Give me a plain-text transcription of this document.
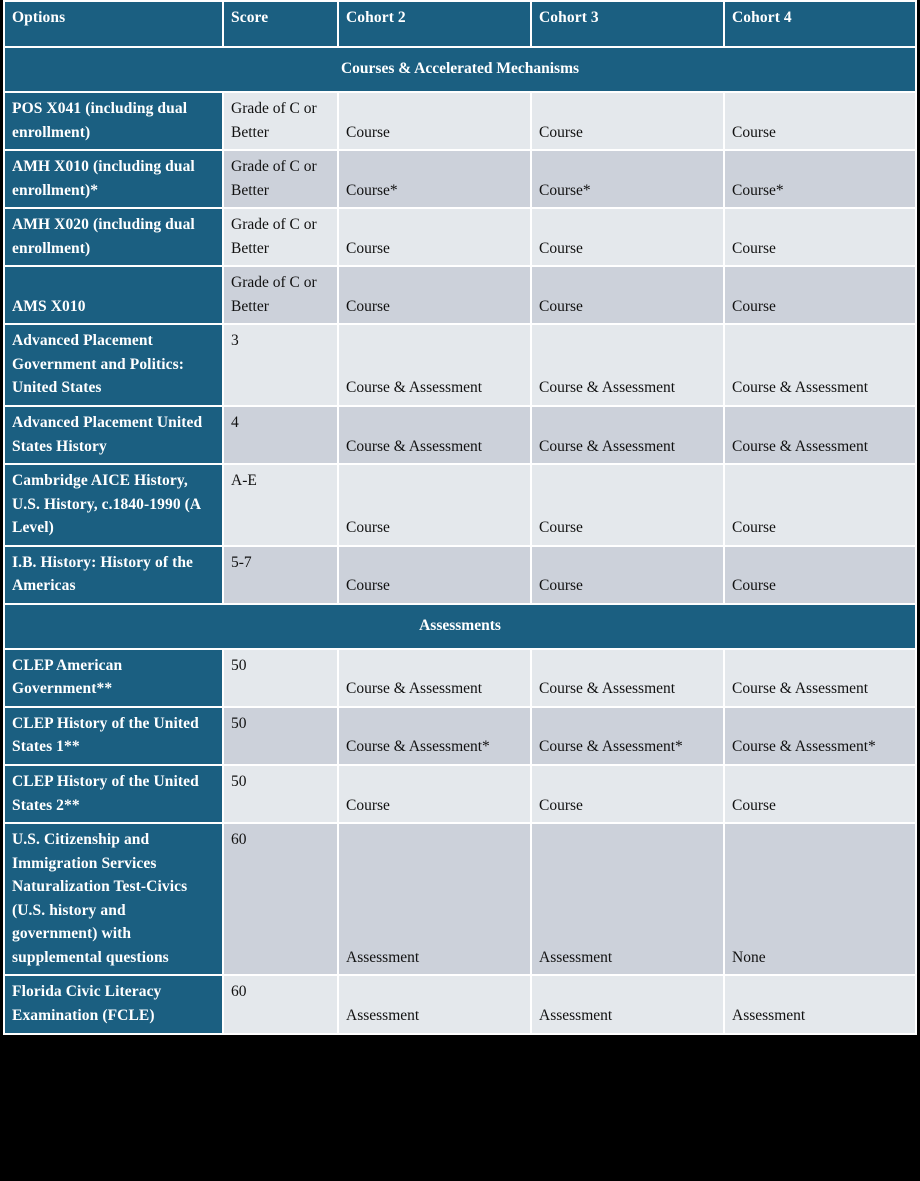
Options	Score	Cohort 2	Cohort 3	Cohort 4
Courses & Accelerated Mechanisms				
POS X041 (including dual enrollment)	Grade of C or Better	Course	Course	Course
AMH X010 (including dual enrollment)*	Grade of C or Better	Course*	Course*	Course*
AMH X020 (including dual enrollment)	Grade of C or Better	Course	Course	Course
AMS X010	Grade of C or Better	Course	Course	Course
Advanced Placement Government and Politics: United States	3	Course & Assessment	Course & Assessment	Course & Assessment
Advanced Placement United States History	4	Course & Assessment	Course & Assessment	Course & Assessment
Cambridge AICE History, U.S. History, c.1840-1990 (A Level)	A-E	Course	Course	Course
I.B. History: History of the Americas	5-7	Course	Course	Course
Assessments				
CLEP American Government**	50	Course & Assessment	Course & Assessment	Course & Assessment
CLEP History of the United States 1**	50	Course & Assessment*	Course & Assessment*	Course & Assessment*
CLEP History of the United States 2**	50	Course	Course	Course
U.S. Citizenship and Immigration Services Naturalization Test-Civics (U.S. history and government) with supplemental questions	60	Assessment	Assessment	None
Florida Civic Literacy Examination (FCLE)	60	Assessment	Assessment	Assessment
